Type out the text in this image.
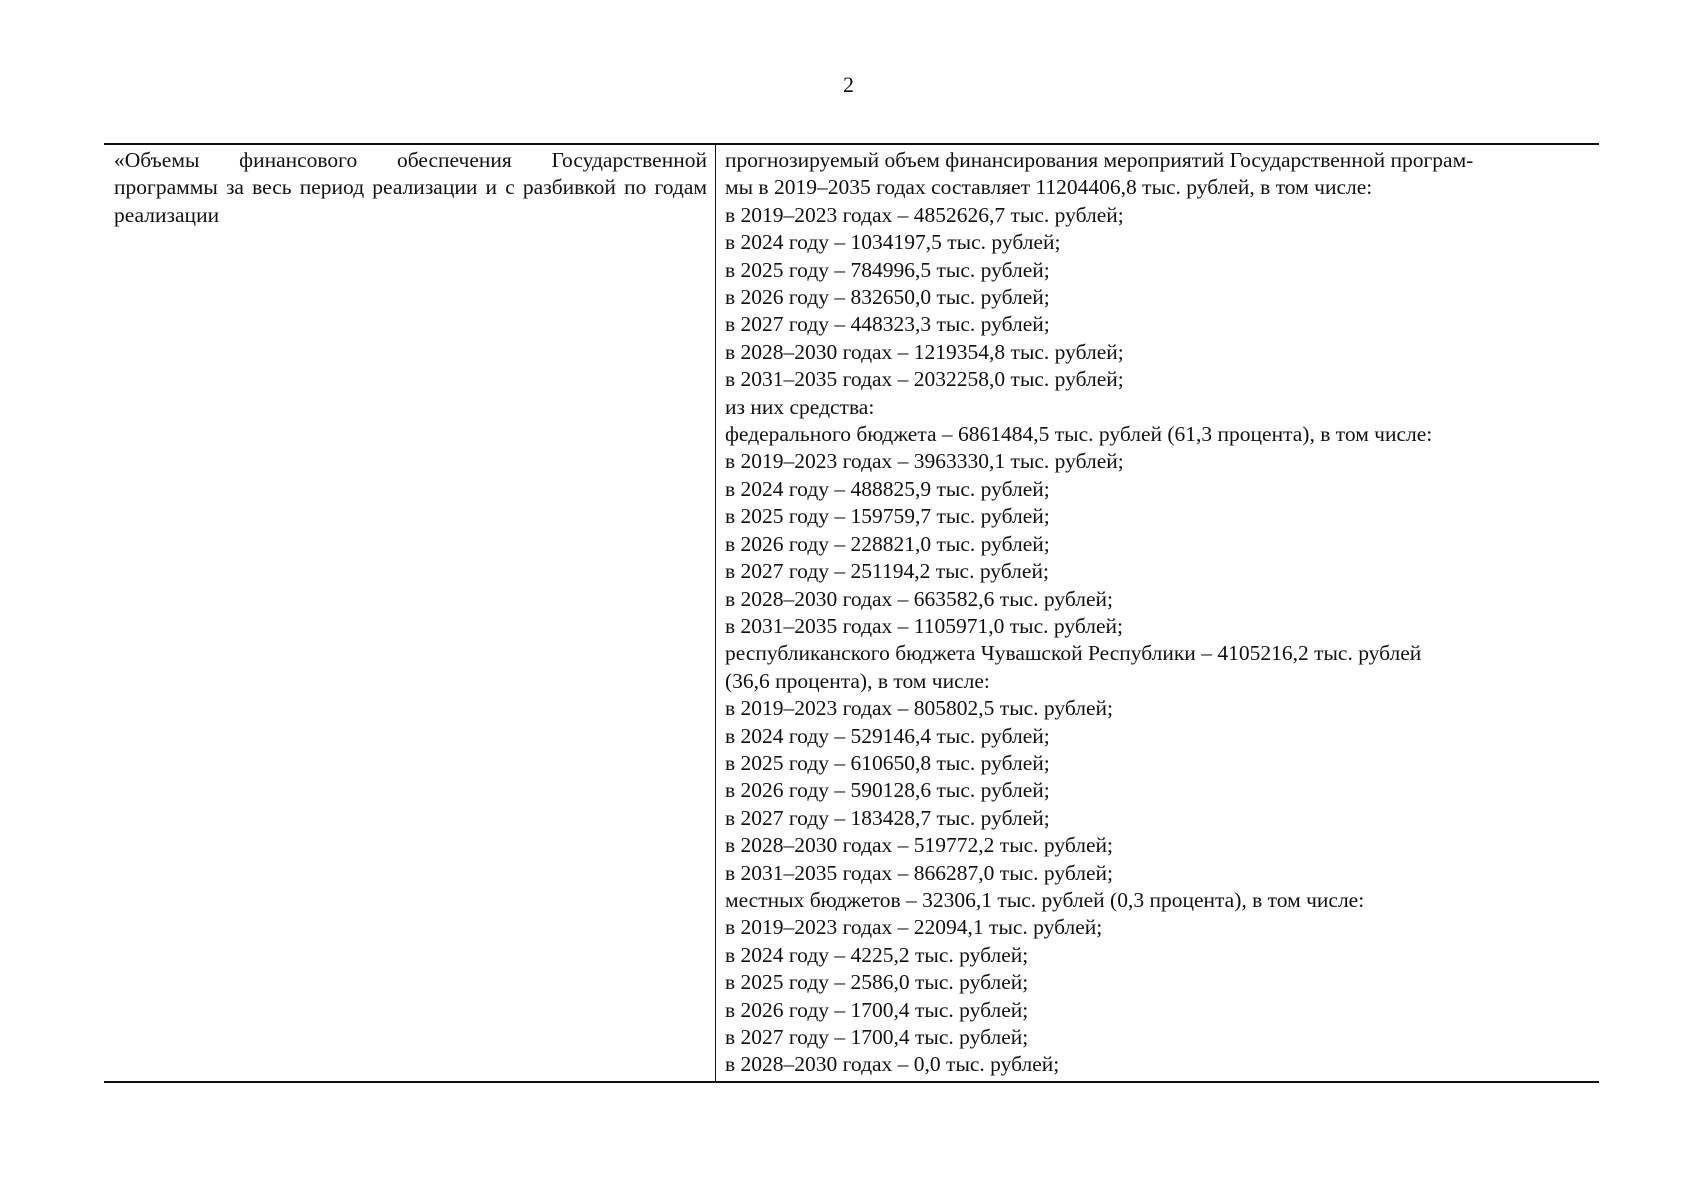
2
«Объемы финансового обеспечения Государственной программы за весь период реализации и с разбивкой по годам реализации
прогнозируемый объем финансирования мероприятий Государственной програм-
мы в 2019–2035 годах составляет 11204406,8 тыс. рублей, в том числе:
в 2019–2023 годах – 4852626,7 тыс. рублей;
в 2024 году – 1034197,5 тыс. рублей;
в 2025 году – 784996,5 тыс. рублей;
в 2026 году – 832650,0 тыс. рублей;
в 2027 году – 448323,3 тыс. рублей;
в 2028–2030 годах – 1219354,8 тыс. рублей;
в 2031–2035 годах – 2032258,0 тыс. рублей;
из них средства:
федерального бюджета – 6861484,5 тыс. рублей (61,3 процента), в том числе:
в 2019–2023 годах – 3963330,1 тыс. рублей;
в 2024 году – 488825,9 тыс. рублей;
в 2025 году – 159759,7 тыс. рублей;
в 2026 году – 228821,0 тыс. рублей;
в 2027 году – 251194,2 тыс. рублей;
в 2028–2030 годах – 663582,6 тыс. рублей;
в 2031–2035 годах – 1105971,0 тыс. рублей;
республиканского бюджета Чувашской Республики – 4105216,2 тыс. рублей
(36,6 процента), в том числе:
в 2019–2023 годах – 805802,5 тыс. рублей;
в 2024 году – 529146,4 тыс. рублей;
в 2025 году – 610650,8 тыс. рублей;
в 2026 году – 590128,6 тыс. рублей;
в 2027 году – 183428,7 тыс. рублей;
в 2028–2030 годах – 519772,2 тыс. рублей;
в 2031–2035 годах – 866287,0 тыс. рублей;
местных бюджетов – 32306,1 тыс. рублей (0,3 процента), в том числе:
в 2019–2023 годах – 22094,1 тыс. рублей;
в 2024 году – 4225,2 тыс. рублей;
в 2025 году – 2586,0 тыс. рублей;
в 2026 году – 1700,4 тыс. рублей;
в 2027 году – 1700,4 тыс. рублей;
в 2028–2030 годах – 0,0 тыс. рублей;
